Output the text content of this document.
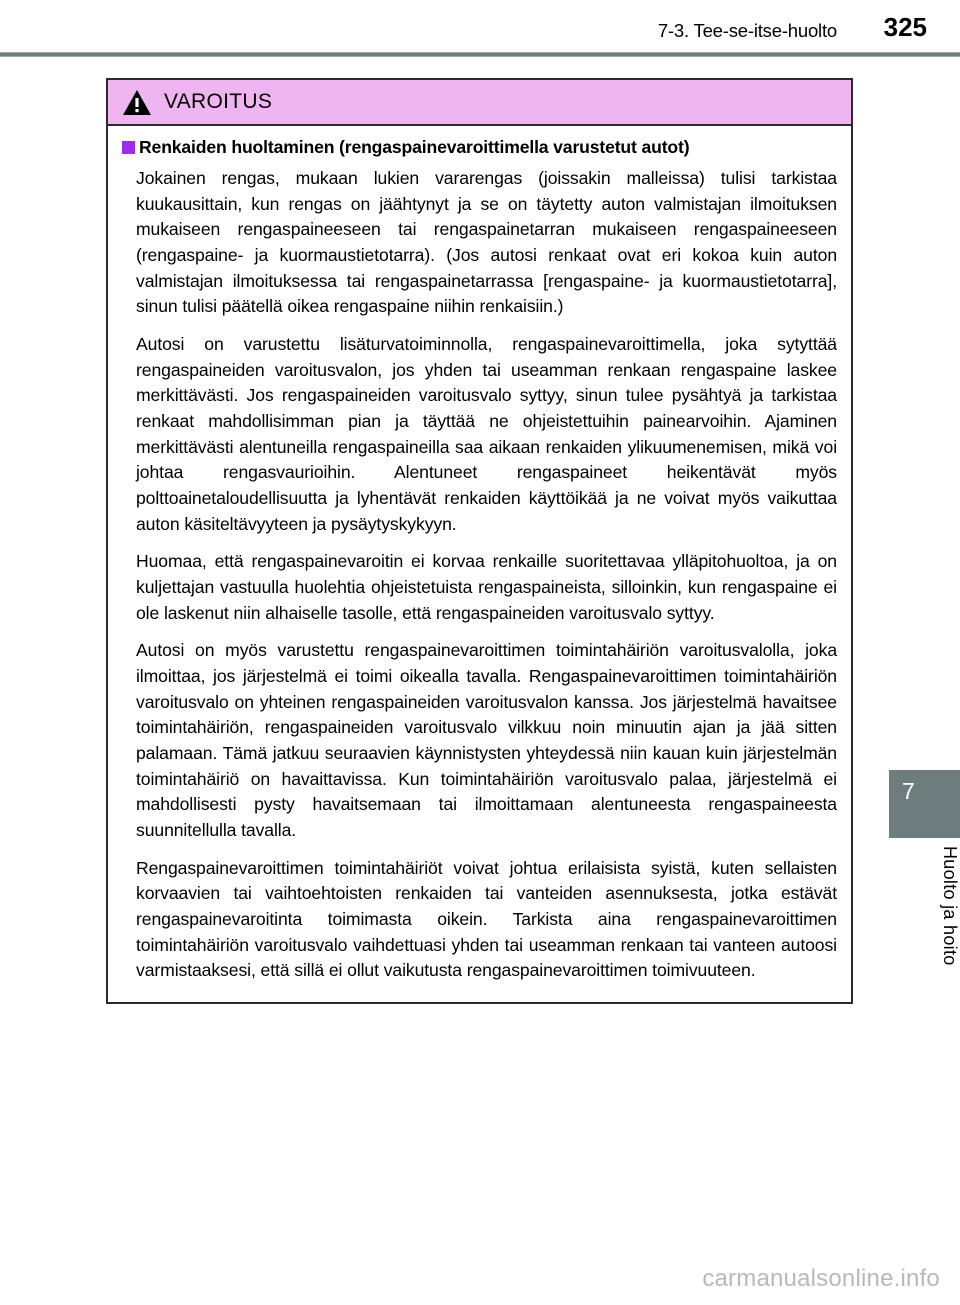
7-3. Tee-se-itse-huolto 325
VAROITUS
Renkaiden huoltaminen (rengaspainevaroittimella varustetut autot)

Jokainen rengas, mukaan lukien vararengas (joissakin malleissa) tulisi tarkistaa kuukausittain, kun rengas on jäähtynyt ja se on täytetty auton valmistajan ilmoituksen mukaiseen rengaspaineeseen tai rengaspainetarran mukaiseen rengaspaineeseen (rengaspaine- ja kuormaustietotarra). (Jos autosi renkaat ovat eri kokoa kuin auton valmistajan ilmoituksessa tai rengaspainetarrassa [rengaspaine- ja kuormaustietotarra], sinun tulisi päätellä oikea rengaspaine niihin renkaisiin.)

Autosi on varustettu lisäturvatoiminnolla, rengaspainevaroittimella, joka sytyttää rengaspaineiden varoitusvalon, jos yhden tai useamman renkaan rengaspaine laskee merkittävästi. Jos rengaspaineiden varoitusvalo syttyy, sinun tulee pysähtyä ja tarkistaa renkaat mahdollisimman pian ja täyttää ne ohjeistettuihin painearvoihin. Ajaminen merkittävästi alentuneilla rengaspaineilla saa aikaan renkaiden ylikuumenemisen, mikä voi johtaa rengasvaurioihin. Alentuneet rengaspaineet heikentävät myös polttoainetaloudellisuutta ja lyhentävät renkaiden käyttöikää ja ne voivat myös vaikuttaa auton käsiteltävyyteen ja pysäytyskykyyn.

Huomaa, että rengaspainevaroitin ei korvaa renkaille suoritettavaa ylläpitohuoltoa, ja on kuljettajan vastuulla huolehtia ohjeistetuista rengaspaineista, silloinkin, kun rengaspaine ei ole laskenut niin alhaiselle tasolle, että rengaspaineiden varoitusvalo syttyy.

Autosi on myös varustettu rengaspainevaroittimen toimintahäiriön varoitusvalolla, joka ilmoittaa, jos järjestelmä ei toimi oikealla tavalla. Rengaspainevaroittimen toimintahäiriön varoitusvalo on yhteinen rengaspaineiden varoitusvalon kanssa. Jos järjestelmä havaitsee toimintahäiriön, rengaspaineiden varoitusvalo vilkkuu noin minuutin ajan ja jää sitten palamaan. Tämä jatkuu seuraavien käynnistysten yhteydessä niin kauan kuin järjestelmän toimintahäiriö on havaittavissa. Kun toimintahäiriön varoitusvalo palaa, järjestelmä ei mahdollisesti pysty havaitsemaan tai ilmoittamaan alentuneesta rengaspaineesta suunnitellulla tavalla.

Rengaspainevaroittimen toimintahäiriöt voivat johtua erilaisista syistä, kuten sellaisten korvaavien tai vaihtoehtoisten renkaiden tai vanteiden asennuksesta, jotka estävät rengaspainevaroitinta toimimasta oikein. Tarkista aina rengaspainevaroittimen toimintahäiriön varoitusvalo vaihdettuasi yhden tai useamman renkaan tai vanteen autoosi varmistaaksesi, että sillä ei ollut vaikutusta rengaspainevaroittimen toimivuuteen.

7
Huolto ja hoito
carmanualsonline.info
